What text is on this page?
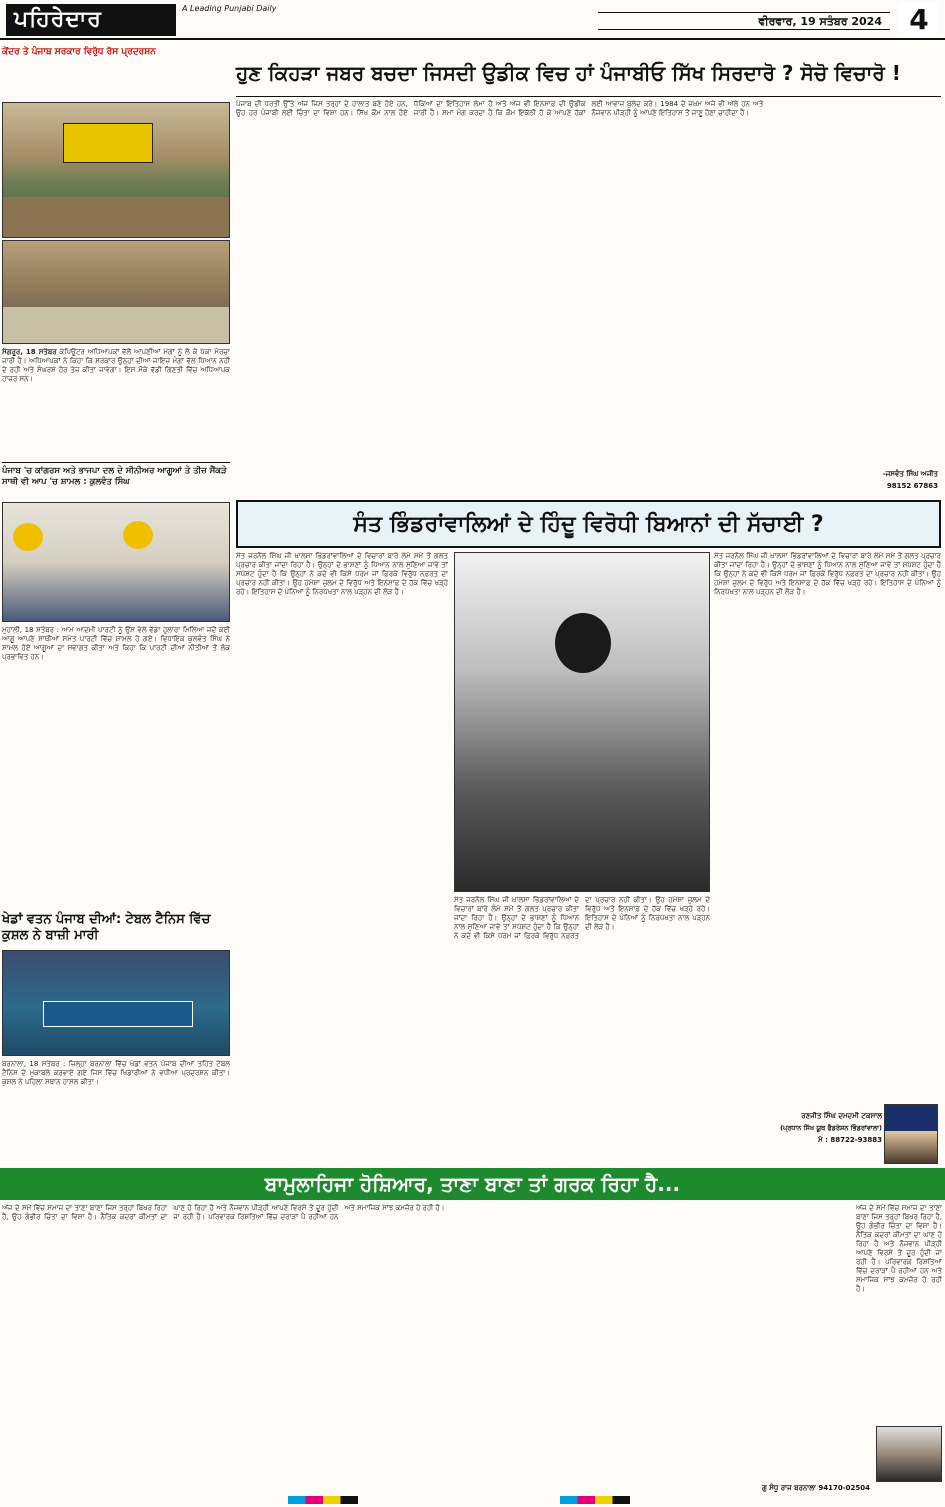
ਪਹਿਰੇਦਾਰ	A Leading Punjabi Daily
ਵੀਰਵਾਰ, 19 ਸਤੰਬਰ 2024 4
ਕੇਂਦਰ ਤੇ ਪੰਜਾਬ ਸਰਕਾਰ ਵਿਰੁੱਧ ਰੋਸ ਪ੍ਰਦਰਸ਼ਨ

ਸੰਗਰੂਰ, 18 ਸਤੰਬਰ ਕੰਪਿਊਟਰ ਅਧਿਆਪਕਾਂ ਵੱਲੋਂ ਆਪਣੀਆਂ ਮੰਗਾਂ ਨੂੰ ਲੈ ਕੇ ਪੱਕਾ ਮੋਰਚਾ ਜਾਰੀ ਹੈ। ਅਧਿਆਪਕਾਂ ਨੇ ਕਿਹਾ ਕਿ ਸਰਕਾਰ ਉਨ੍ਹਾਂ ਦੀਆਂ ਜਾਇਜ਼ ਮੰਗਾਂ ਵੱਲ ਧਿਆਨ ਨਹੀਂ ਦੇ ਰਹੀ ਅਤੇ ਸੰਘਰਸ਼ ਹੋਰ ਤੇਜ਼ ਕੀਤਾ ਜਾਵੇਗਾ। ਇਸ ਮੌਕੇ ਵੱਡੀ ਗਿਣਤੀ ਵਿੱਚ ਅਧਿਆਪਕ ਹਾਜ਼ਰ ਸਨ।

ਪੰਜਾਬ 'ਚ ਕਾਂਗਰਸ ਅਤੇ ਭਾਜਪਾ ਦਲ ਦੇ ਸੀਨੀਅਰ ਆਗੂਆਂ ਤੇ ਤੀਜ਼ ਸੈਂਕੜੇ ਸਾਥੀ ਵੀ ਆਪ 'ਚ ਸ਼ਾਮਲ : ਕੁਲਵੰਤ ਸਿੰਘ

ਮੁਹਾਲੀ, 18 ਸਤੰਬਰ : ਆਮ ਆਦਮੀ ਪਾਰਟੀ ਨੂੰ ਉਸ ਵੇਲੇ ਵੱਡਾ ਹੁਲਾਰਾ ਮਿਲਿਆ ਜਦੋਂ ਕਈ ਆਗੂ ਆਪਣੇ ਸਾਥੀਆਂ ਸਮੇਤ ਪਾਰਟੀ ਵਿੱਚ ਸ਼ਾਮਲ ਹੋ ਗਏ। ਵਿਧਾਇਕ ਕੁਲਵੰਤ ਸਿੰਘ ਨੇ ਸ਼ਾਮਲ ਹੋਏ ਆਗੂਆਂ ਦਾ ਸਵਾਗਤ ਕੀਤਾ ਅਤੇ ਕਿਹਾ ਕਿ ਪਾਰਟੀ ਦੀਆਂ ਨੀਤੀਆਂ ਤੋਂ ਲੋਕ ਪ੍ਰਭਾਵਿਤ ਹਨ।

ਖੇਡਾਂ ਵਤਨ ਪੰਜਾਬ ਦੀਆਂ: ਟੇਬਲ ਟੈਨਿਸ ਵਿੱਚ ਕੁਸ਼ਲ ਨੇ ਬਾਜ਼ੀ ਮਾਰੀ

ਬਰਨਾਲਾ, 18 ਸਤੰਬਰ : ਜ਼ਿਲ੍ਹਾ ਬਰਨਾਲਾ ਵਿੱਚ ਖੇਡਾਂ ਵਤਨ ਪੰਜਾਬ ਦੀਆਂ ਤਹਿਤ ਟੇਬਲ ਟੈਨਿਸ ਦੇ ਮੁਕਾਬਲੇ ਕਰਵਾਏ ਗਏ ਜਿਸ ਵਿੱਚ ਖਿਡਾਰੀਆਂ ਨੇ ਵਧੀਆ ਪ੍ਰਦਰਸ਼ਨ ਕੀਤਾ। ਕੁਸ਼ਲ ਨੇ ਪਹਿਲਾ ਸਥਾਨ ਹਾਸਲ ਕੀਤਾ।

ਹੁਣ ਕਿਹੜਾ ਜਬਰ ਬਚਦਾ ਜਿਸਦੀ ਉਡੀਕ ਵਿਚ ਹਾਂ ਪੰਜਾਬੀਓ ਸਿੱਖ ਸਿਰਦਾਰੋ ? ਸੋਚੋ ਵਿਚਾਰੋ !

ਪੰਜਾਬ ਦੀ ਧਰਤੀ ਉੱਤੇ ਅੱਜ ਜਿਸ ਤਰ੍ਹਾਂ ਦੇ ਹਾਲਾਤ ਬਣੇ ਹੋਏ ਹਨ, ਉਹ ਹਰ ਪੰਜਾਬੀ ਲਈ ਚਿੰਤਾ ਦਾ ਵਿਸ਼ਾ ਹਨ। ਸਿੱਖ ਕੌਮ ਨਾਲ ਹੋਏ ਧੱਕਿਆਂ ਦਾ ਇਤਿਹਾਸ ਲੰਮਾ ਹੈ ਅਤੇ ਅੱਜ ਵੀ ਇਨਸਾਫ਼ ਦੀ ਉਡੀਕ ਜਾਰੀ ਹੈ। ਸਮਾਂ ਮੰਗ ਕਰਦਾ ਹੈ ਕਿ ਕੌਮ ਇਕੱਠੀ ਹੋ ਕੇ ਆਪਣੇ ਹੱਕਾਂ ਲਈ ਆਵਾਜ਼ ਬੁਲੰਦ ਕਰੇ। 1984 ਦੇ ਜ਼ਖ਼ਮ ਅਜੇ ਵੀ ਅੱਲੇ ਹਨ ਅਤੇ ਨੌਜਵਾਨ ਪੀੜ੍ਹੀ ਨੂੰ ਆਪਣੇ ਇਤਿਹਾਸ ਤੋਂ ਜਾਣੂ ਹੋਣਾ ਚਾਹੀਦਾ ਹੈ।

-ਜਸਵੰਤ ਸਿੰਘ ਅਜੀਤ
98152 67863
ਸੰਤ ਭਿੰਡਰਾਂਵਾਲਿਆਂ ਦੇ ਹਿੰਦੂ ਵਿਰੋਧੀ ਬਿਆਨਾਂ ਦੀ ਸੱਚਾਈ ?

ਸੰਤ ਜਰਨੈਲ ਸਿੰਘ ਜੀ ਖ਼ਾਲਸਾ ਭਿੰਡਰਾਂਵਾਲਿਆਂ ਦੇ ਵਿਚਾਰਾਂ ਬਾਰੇ ਲੰਮੇ ਸਮੇਂ ਤੋਂ ਗਲਤ ਪ੍ਰਚਾਰ ਕੀਤਾ ਜਾਂਦਾ ਰਿਹਾ ਹੈ। ਉਨ੍ਹਾਂ ਦੇ ਭਾਸ਼ਣਾਂ ਨੂੰ ਧਿਆਨ ਨਾਲ ਸੁਣਿਆ ਜਾਵੇ ਤਾਂ ਸਪੱਸ਼ਟ ਹੁੰਦਾ ਹੈ ਕਿ ਉਨ੍ਹਾਂ ਨੇ ਕਦੇ ਵੀ ਕਿਸੇ ਧਰਮ ਜਾਂ ਫ਼ਿਰਕੇ ਵਿਰੁੱਧ ਨਫ਼ਰਤ ਦਾ ਪ੍ਰਚਾਰ ਨਹੀਂ ਕੀਤਾ। ਉਹ ਹਮੇਸ਼ਾ ਜ਼ੁਲਮ ਦੇ ਵਿਰੁੱਧ ਅਤੇ ਇਨਸਾਫ਼ ਦੇ ਹੱਕ ਵਿੱਚ ਖੜ੍ਹੇ ਰਹੇ। ਇਤਿਹਾਸ ਦੇ ਪੰਨਿਆਂ ਨੂੰ ਨਿਰਪੱਖਤਾ ਨਾਲ ਪੜ੍ਹਨ ਦੀ ਲੋੜ ਹੈ।

ਸੰਤ ਜਰਨੈਲ ਸਿੰਘ ਜੀ ਖ਼ਾਲਸਾ ਭਿੰਡਰਾਂਵਾਲਿਆਂ ਦੇ ਵਿਚਾਰਾਂ ਬਾਰੇ ਲੰਮੇ ਸਮੇਂ ਤੋਂ ਗਲਤ ਪ੍ਰਚਾਰ ਕੀਤਾ ਜਾਂਦਾ ਰਿਹਾ ਹੈ। ਉਨ੍ਹਾਂ ਦੇ ਭਾਸ਼ਣਾਂ ਨੂੰ ਧਿਆਨ ਨਾਲ ਸੁਣਿਆ ਜਾਵੇ ਤਾਂ ਸਪੱਸ਼ਟ ਹੁੰਦਾ ਹੈ ਕਿ ਉਨ੍ਹਾਂ ਨੇ ਕਦੇ ਵੀ ਕਿਸੇ ਧਰਮ ਜਾਂ ਫ਼ਿਰਕੇ ਵਿਰੁੱਧ ਨਫ਼ਰਤ ਦਾ ਪ੍ਰਚਾਰ ਨਹੀਂ ਕੀਤਾ। ਉਹ ਹਮੇਸ਼ਾ ਜ਼ੁਲਮ ਦੇ ਵਿਰੁੱਧ ਅਤੇ ਇਨਸਾਫ਼ ਦੇ ਹੱਕ ਵਿੱਚ ਖੜ੍ਹੇ ਰਹੇ। ਇਤਿਹਾਸ ਦੇ ਪੰਨਿਆਂ ਨੂੰ ਨਿਰਪੱਖਤਾ ਨਾਲ ਪੜ੍ਹਨ ਦੀ ਲੋੜ ਹੈ।

ਸੰਤ ਜਰਨੈਲ ਸਿੰਘ ਜੀ ਖ਼ਾਲਸਾ ਭਿੰਡਰਾਂਵਾਲਿਆਂ ਦੇ ਵਿਚਾਰਾਂ ਬਾਰੇ ਲੰਮੇ ਸਮੇਂ ਤੋਂ ਗਲਤ ਪ੍ਰਚਾਰ ਕੀਤਾ ਜਾਂਦਾ ਰਿਹਾ ਹੈ। ਉਨ੍ਹਾਂ ਦੇ ਭਾਸ਼ਣਾਂ ਨੂੰ ਧਿਆਨ ਨਾਲ ਸੁਣਿਆ ਜਾਵੇ ਤਾਂ ਸਪੱਸ਼ਟ ਹੁੰਦਾ ਹੈ ਕਿ ਉਨ੍ਹਾਂ ਨੇ ਕਦੇ ਵੀ ਕਿਸੇ ਧਰਮ ਜਾਂ ਫ਼ਿਰਕੇ ਵਿਰੁੱਧ ਨਫ਼ਰਤ ਦਾ ਪ੍ਰਚਾਰ ਨਹੀਂ ਕੀਤਾ। ਉਹ ਹਮੇਸ਼ਾ ਜ਼ੁਲਮ ਦੇ ਵਿਰੁੱਧ ਅਤੇ ਇਨਸਾਫ਼ ਦੇ ਹੱਕ ਵਿੱਚ ਖੜ੍ਹੇ ਰਹੇ। ਇਤਿਹਾਸ ਦੇ ਪੰਨਿਆਂ ਨੂੰ ਨਿਰਪੱਖਤਾ ਨਾਲ ਪੜ੍ਹਨ ਦੀ ਲੋੜ ਹੈ।

ਰਣਜੀਤ ਸਿੰਘ ਦਮਦਮੀ ਟਕਸਾਲ
(ਪ੍ਰਧਾਨ ਸਿੱਖ ਯੂਥ ਫੈਡਰੇਸ਼ਨ ਭਿੰਡਰਾਂਵਾਲਾ)
ਮੋ : 88722-93883
ਬਾਮੁਲਾਹਿਜਾ ਹੋਸ਼ਿਆਰ, ਤਾਣਾ ਬਾਣਾ ਤਾਂ ਗਰਕ ਰਿਹਾ ਹੈ...

ਅੱਜ ਦੇ ਸਮੇਂ ਵਿੱਚ ਸਮਾਜ ਦਾ ਤਾਣਾ ਬਾਣਾ ਜਿਸ ਤਰ੍ਹਾਂ ਬਿਖਰ ਰਿਹਾ ਹੈ, ਉਹ ਗੰਭੀਰ ਚਿੰਤਾ ਦਾ ਵਿਸ਼ਾ ਹੈ। ਨੈਤਿਕ ਕਦਰਾਂ ਕੀਮਤਾਂ ਦਾ ਘਾਣ ਹੋ ਰਿਹਾ ਹੈ ਅਤੇ ਨੌਜਵਾਨ ਪੀੜ੍ਹੀ ਆਪਣੇ ਵਿਰਸੇ ਤੋਂ ਦੂਰ ਹੁੰਦੀ ਜਾ ਰਹੀ ਹੈ। ਪਰਿਵਾਰਕ ਰਿਸ਼ਤਿਆਂ ਵਿੱਚ ਦਰਾੜਾਂ ਪੈ ਰਹੀਆਂ ਹਨ ਅਤੇ ਸਮਾਜਿਕ ਸਾਂਝ ਕਮਜ਼ੋਰ ਹੋ ਰਹੀ ਹੈ।	ਅੱਜ ਦੇ ਸਮੇਂ ਵਿੱਚ ਸਮਾਜ ਦਾ ਤਾਣਾ ਬਾਣਾ ਜਿਸ ਤਰ੍ਹਾਂ ਬਿਖਰ ਰਿਹਾ ਹੈ, ਉਹ ਗੰਭੀਰ ਚਿੰਤਾ ਦਾ ਵਿਸ਼ਾ ਹੈ। ਨੈਤਿਕ ਕਦਰਾਂ ਕੀਮਤਾਂ ਦਾ ਘਾਣ ਹੋ ਰਿਹਾ ਹੈ ਅਤੇ ਨੌਜਵਾਨ ਪੀੜ੍ਹੀ ਆਪਣੇ ਵਿਰਸੇ ਤੋਂ ਦੂਰ ਹੁੰਦੀ ਜਾ ਰਹੀ ਹੈ। ਪਰਿਵਾਰਕ ਰਿਸ਼ਤਿਆਂ ਵਿੱਚ ਦਰਾੜਾਂ ਪੈ ਰਹੀਆਂ ਹਨ ਅਤੇ ਸਮਾਜਿਕ ਸਾਂਝ ਕਮਜ਼ੋਰ ਹੋ ਰਹੀ ਹੈ।

ਗੁ ਸੰਧੂ ਰਾਜ ਬਰਨਾਲਾ 94170-02504
